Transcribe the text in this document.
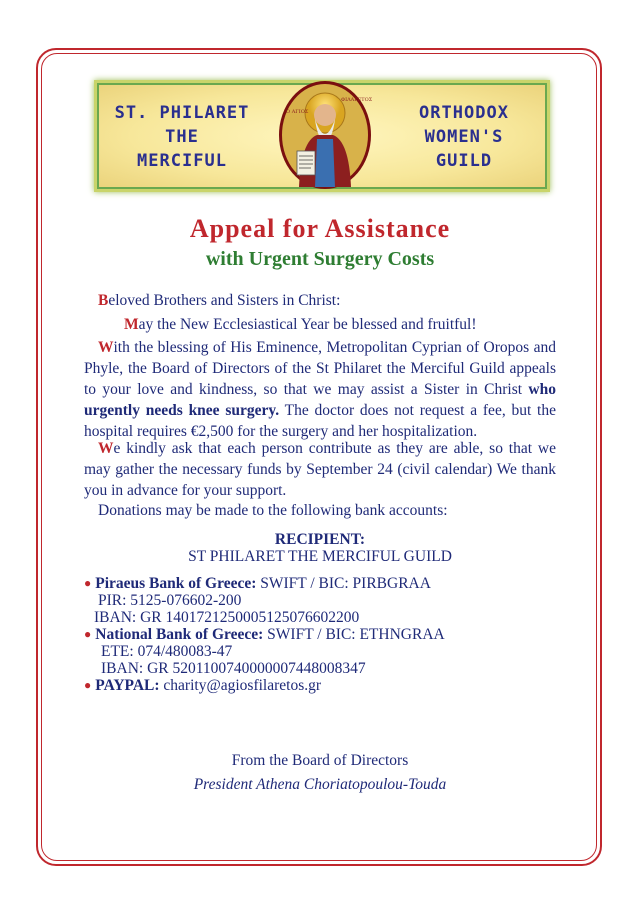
ST. PHILARET
THE
MERCIFUL
Ο ΑΓΙΟΣ
ΦΙΛΑΡΕΤΟΣ
ORTHODOX
WOMEN'S
GUILD
Appeal for Assistance
with Urgent Surgery Costs

Beloved Brothers and Sisters in Christ:

May the New Ecclesiastical Year be blessed and fruitful!

With the blessing of His Eminence, Metropolitan Cyprian of Oropos and Phyle, the Board of Directors of the St Philaret the Merciful Guild appeals to your love and kindness, so that we may assist a Sister in Christ who urgently needs knee surgery. The doctor does not request a fee, but the hospital requires €2,500 for the surgery and her hospitalization.

We kindly ask that each person contribute as they are able, so that we may gather the necessary funds by September 24 (civil calendar) We thank you in advance for your support.

Donations may be made to the following bank accounts:

RECIPIENT:
ST PHILARET THE MERCIFUL GUILD
● Piraeus Bank of Greece: SWIFT / BIC: PIRBGRAA
PIR: 5125-076602-200
IBAN: GR 1401721250005125076602200
● National Bank of Greece: SWIFT / BIC: ETHNGRAA
ETE: 074/480083-47
IBAN: GR 5201100740000007448008347
● PAYPAL: charity@agiosfilaretos.gr
From the Board of Directors
President Athena Choriatopoulou-Touda
